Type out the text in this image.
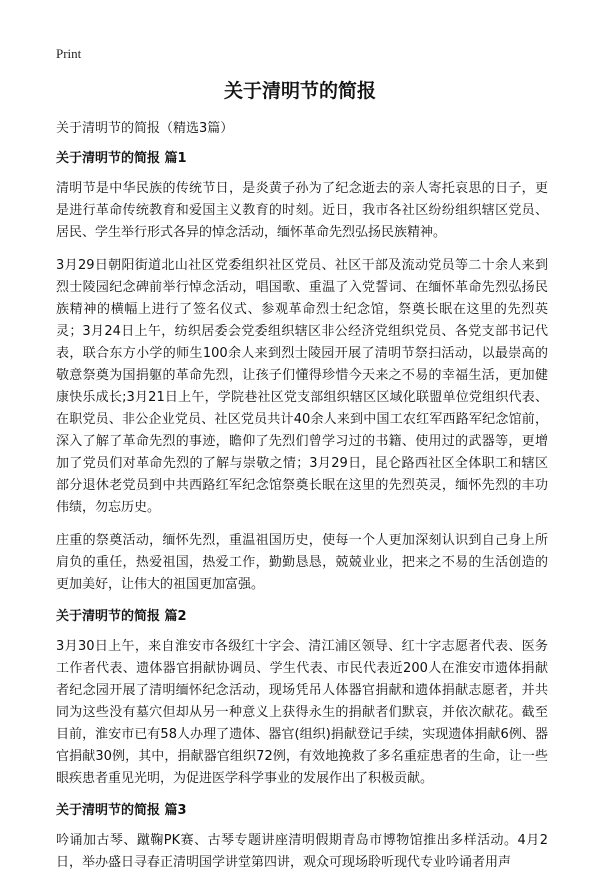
Print
关于清明节的简报
关于清明节的简报（精选3篇）
关于清明节的简报 篇1

清明节是中华民族的传统节日，是炎黄子孙为了纪念逝去的亲人寄托哀思的日子，更是进行革命传统教育和爱国主义教育的时刻。近日，我市各社区纷纷组织辖区党员、居民、学生举行形式各异的悼念活动，缅怀革命先烈弘扬民族精神。

3月29日朝阳街道北山社区党委组织社区党员、社区干部及流动党员等二十余人来到烈士陵园纪念碑前举行悼念活动，唱国歌、重温了入党誓词、在缅怀革命先烈弘扬民族精神的横幅上进行了签名仪式、参观革命烈士纪念馆，祭奠长眠在这里的先烈英灵；3月24日上午，纺织居委会党委组织辖区非公经济党组织党员、各党支部书记代表，联合东方小学的师生100余人来到烈士陵园开展了清明节祭扫活动，以最崇高的敬意祭奠为国捐躯的革命先烈，让孩子们懂得珍惜今天来之不易的幸福生活，更加健康快乐成长;3月21日上午，学院巷社区党支部组织辖区区域化联盟单位党组织代表、在职党员、非公企业党员、社区党员共计40余人来到中国工农红军西路军纪念馆前，深入了解了革命先烈的事迹，瞻仰了先烈们曾学习过的书籍、使用过的武器等，更增加了党员们对革命先烈的了解与崇敬之情；3月29日，昆仑路西社区全体职工和辖区部分退休老党员到中共西路红军纪念馆祭奠长眠在这里的先烈英灵，缅怀先烈的丰功伟绩，勿忘历史。

庄重的祭奠活动，缅怀先烈，重温祖国历史，使每一个人更加深刻认识到自己身上所肩负的重任，热爱祖国，热爱工作，勤勤恳恳，兢兢业业，把来之不易的生活创造的更加美好，让伟大的祖国更加富强。

关于清明节的简报 篇2

3月30日上午，来自淮安市各级红十字会、清江浦区领导、红十字志愿者代表、医务工作者代表、遗体器官捐献协调员、学生代表、市民代表近200人在淮安市遗体捐献者纪念园开展了清明缅怀纪念活动，现场凭吊人体器官捐献和遗体捐献志愿者，并共同为这些没有墓穴但却从另一种意义上获得永生的捐献者们默哀，并依次献花。截至目前，淮安市已有58人办理了遗体、器官(组织)捐献登记手续，实现遗体捐献6例、器官捐献30例，其中，捐献器官组织72例，有效地挽救了多名重症患者的生命，让一些眼疾患者重见光明，为促进医学科学事业的发展作出了积极贡献。

关于清明节的简报 篇3

吟诵加古琴、蹴鞠PK赛、古琴专题讲座清明假期青岛市博物馆推出多样活动。4月2日，举办盛日寻春正清明国学讲堂第四讲，观众可现场聆听现代专业吟诵者用声
